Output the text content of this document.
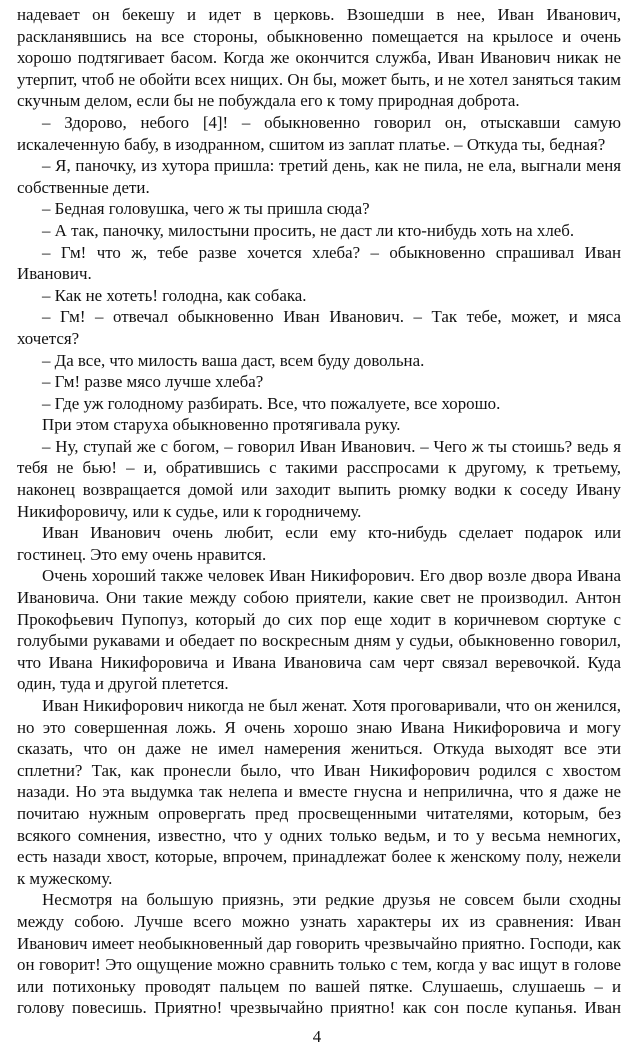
надевает он бекешу и идет в церковь. Взошедши в нее, Иван Иванович, раскланявшись на все стороны, обыкновенно помещается на крылосе и очень хорошо подтягивает басом. Когда же окончится служба, Иван Иванович никак не утерпит, чтоб не обойти всех нищих. Он бы, может быть, и не хотел заняться таким скучным делом, если бы не побуждала его к тому природная доброта.

– Здорово, небого [4]! – обыкновенно говорил он, отыскавши самую искалеченную бабу, в изодранном, сшитом из заплат платье. – Откуда ты, бедная?

– Я, паночку, из хутора пришла: третий день, как не пила, не ела, выгнали меня собственные дети.

– Бедная головушка, чего ж ты пришла сюда?

– А так, паночку, милостыни просить, не даст ли кто-нибудь хоть на хлеб.

– Гм! что ж, тебе разве хочется хлеба? – обыкновенно спрашивал Иван Иванович.

– Как не хотеть! голодна, как собака.

– Гм! – отвечал обыкновенно Иван Иванович. – Так тебе, может, и мяса хочется?

– Да все, что милость ваша даст, всем буду довольна.

– Гм! разве мясо лучше хлеба?

– Где уж голодному разбирать. Все, что пожалуете, все хорошо.

При этом старуха обыкновенно протягивала руку.

– Ну, ступай же с богом, – говорил Иван Иванович. – Чего ж ты стоишь? ведь я тебя не бью! – и, обратившись с такими расспросами к другому, к третьему, наконец возвращается домой или заходит выпить рюмку водки к соседу Ивану Никифоровичу, или к судье, или к городничему.

Иван Иванович очень любит, если ему кто-нибудь сделает подарок или гостинец. Это ему очень нравится.

Очень хороший также человек Иван Никифорович. Его двор возле двора Ивана Ивановича. Они такие между собою приятели, какие свет не производил. Антон Прокофьевич Пупопуз, который до сих пор еще ходит в коричневом сюртуке с голубыми рукавами и обедает по воскресным дням у судьи, обыкновенно говорил, что Ивана Никифоровича и Ивана Ивановича сам черт связал веревочкой. Куда один, туда и другой плетется.

Иван Никифорович никогда не был женат. Хотя проговаривали, что он женился, но это совершенная ложь. Я очень хорошо знаю Ивана Никифоровича и могу сказать, что он даже не имел намерения жениться. Откуда выходят все эти сплетни? Так, как пронесли было, что Иван Никифорович родился с хвостом назади. Но эта выдумка так нелепа и вместе гнусна и неприлична, что я даже не почитаю нужным опровергать пред просвещенными читателями, которым, без всякого сомнения, известно, что у одних только ведьм, и то у весьма немногих, есть назади хвост, которые, впрочем, принадлежат более к женскому полу, нежели к мужескому.

Несмотря на большую приязнь, эти редкие друзья не совсем были сходны между собою. Лучше всего можно узнать характеры их из сравнения: Иван Иванович имеет необыкновенный дар говорить чрезвычайно приятно. Господи, как он говорит! Это ощущение можно сравнить только с тем, когда у вас ищут в голове или потихоньку проводят пальцем по вашей пятке. Слушаешь, слушаешь – и голову повесишь. Приятно! чрезвычайно приятно! как сон после купанья. Иван

4
